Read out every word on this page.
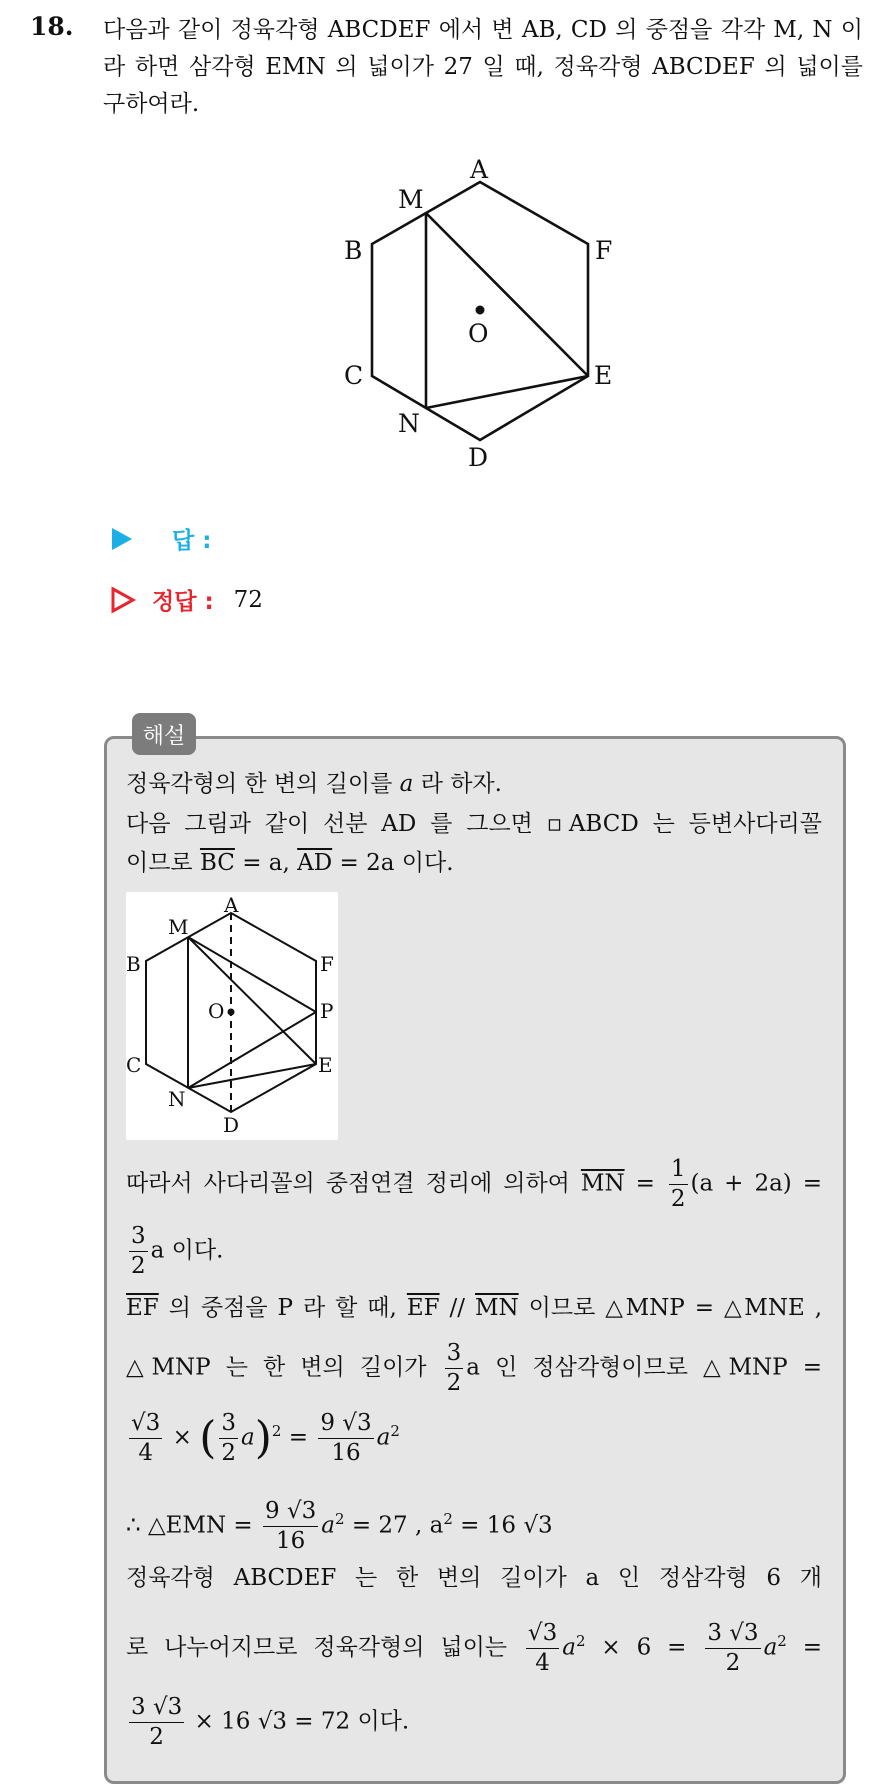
18. 다음과 같이 정육각형 ABCDEF 에서 변 AB, CD 의 중점을 각각 M, N 이라 하면 삼각형 EMN 의 넓이가 27 일 때, 정육각형 ABCDEF 의 넓이를 구하여라.
A
M
B	F
O
C	E
N
D
답 :
정답 : 72
해설
정육각형의 한 변의 길이를 a 라 하자.
다음 그림과 같이 선분 AD 를 그으면 ▫ABCD 는 등변사다리꼴
이므로 $\overline{BC} = a$, $\overline{AD} = 2a$ 이다.
A
M
B	F
O	P
C	E
N
D
따라서 사다리꼴의 중점연결 정리에 의하여 $\overline{MN} = \frac{1}{2} (a + 2a)$ =
$\frac{3}{2}$ a 이다.
$\overline{EF}$ 의 중점을 P 라 할 때, $\overline{EF} // \overline{MN}$ 이므로 △MNP = △MNE ,
△MNP 는 한 변의 길이가 $\frac{3}{2}$ a 인 정삼각형이므로 △MNP =
$\frac{√3}{4}$ × ( $\frac{3}{2} a)^2 = \frac{9 √3}{16} a^2$
∴ △EMN = $\frac{9 √3}{16} a^2 = 27$ , $a^2 = 16$ √3
정육각형 ABCDEF 는 한 변의 길이가 a 인 정삼각형 6 개
로 나누어지므로 정육각형의 넓이는 $\frac{√3}{4} a^2 \times 6 = \frac{3 √3}{2} a^2$ =
$\frac{3 √3}{2} \times 16$ √3 = 72 이다.
